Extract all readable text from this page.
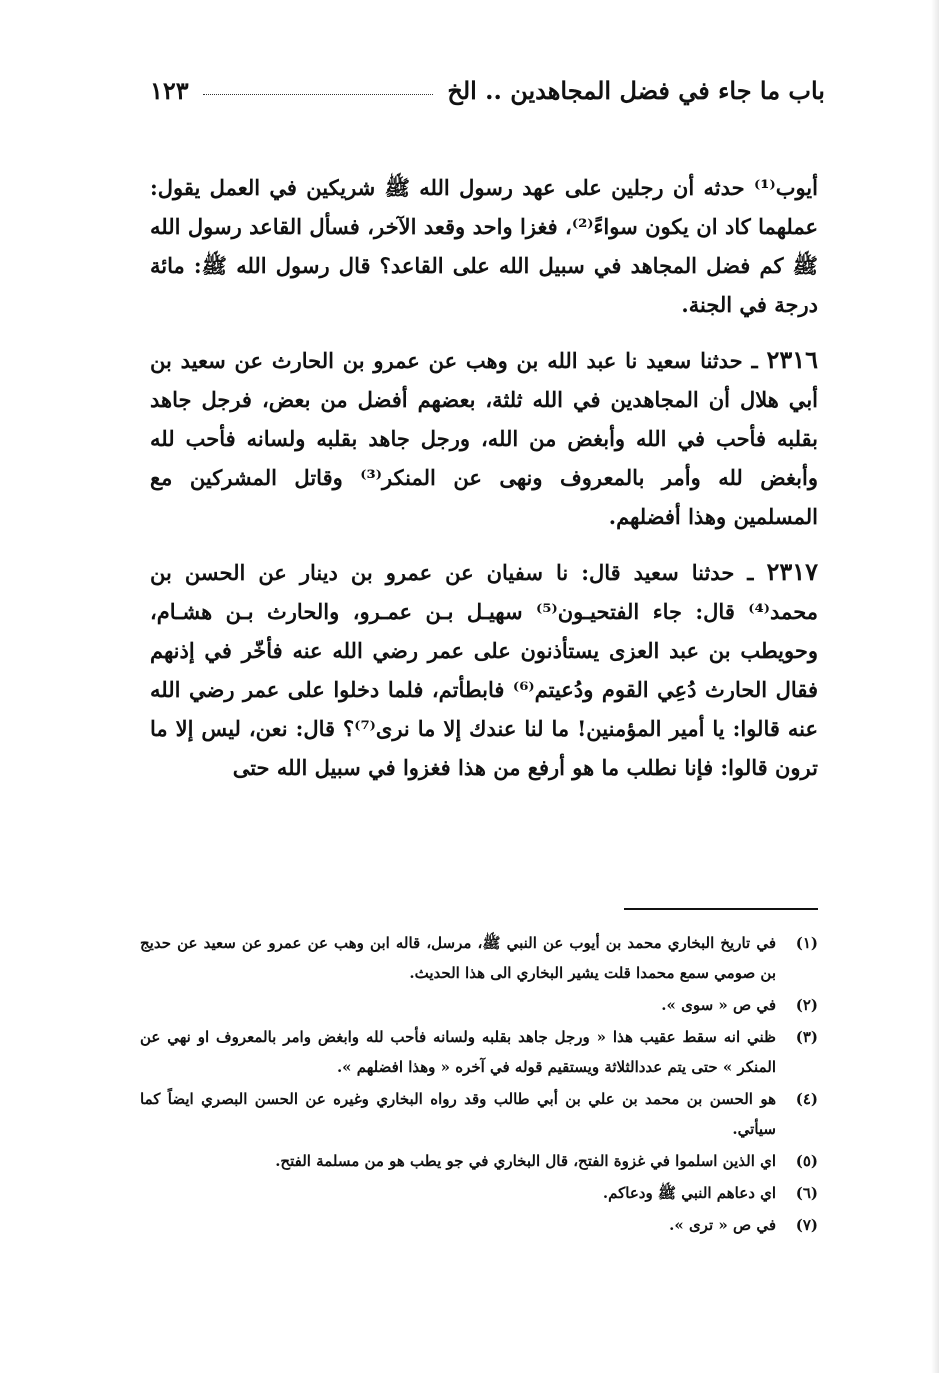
باب ما جاء في فضل المجاهدين .. الخ
١٢٣

أيوب⁽¹⁾ حدثه أن رجلين على عهد رسول الله ﷺ شريكين في العمل يقول: عملهما كاد ان يكون سواءً⁽²⁾، فغزا واحد وقعد الآخر، فسأل القاعد رسول الله ﷺ كم فضل المجاهد في سبيل الله على القاعد؟ قال رسول الله ﷺ: مائة درجة في الجنة.

٢٣١٦ ـ حدثنا سعيد نا عبد الله بن وهب عن عمرو بن الحارث عن سعيد بن أبي هلال أن المجاهدين في الله ثلثة، بعضهم أفضل من بعض، فرجل جاهد بقلبه فأحب في الله وأبغض من الله، ورجل جاهد بقلبه ولسانه فأحب لله وأبغض لله وأمر بالمعروف ونهى عن المنكر⁽³⁾ وقاتل المشركين مع المسلمين وهذا أفضلهم.

٢٣١٧ ـ حدثنا سعيد قال: نا سفيان عن عمرو بن دينار عن الحسن بن محمد⁽⁴⁾ قال: جاء الفتحيـون⁽⁵⁾ سهيـل بـن عمـرو، والحارث بـن هشـام، وحويطب بن عبد العزى يستأذنون على عمر رضي الله عنه فأخّر في إذنهم فقال الحارث دُعِي القوم ودُعيتم⁽⁶⁾ فابطأتم، فلما دخلوا على عمر رضي الله عنه قالوا: يا أمير المؤمنين! ما لنا عندك إلا ما نرى⁽⁷⁾؟ قال: نعن، ليس إلا ما ترون قالوا: فإنا نطلب ما هو أرفع من هذا فغزوا في سبيل الله حتى

(١)
في تاريخ البخاري محمد بن أيوب عن النبي ﷺ، مرسل، قاله ابن وهب عن عمرو عن سعيد عن حديج بن صومي سمع محمدا قلت يشير البخاري الى هذا الحديث.
(٢)
في ص « سوى ».
(٣)
ظني انه سقط عقيب هذا « ورجل جاهد بقلبه ولسانه فأحب لله وابغض وامر بالمعروف او نهي عن المنكر » حتى يتم عددالثلاثة ويستقيم قوله في آخره « وهذا افضلهم ».
(٤)
هو الحسن بن محمد بن علي بن أبي طالب وقد رواه البخاري وغيره عن الحسن البصري ايضاً كما سيأتي.
(٥)
اي الذين اسلموا في غزوة الفتح، قال البخاري في جو يطب هو من مسلمة الفتح.
(٦)
اي دعاهم النبي ﷺ ودعاكم.
(٧)
في ص « ترى ».
